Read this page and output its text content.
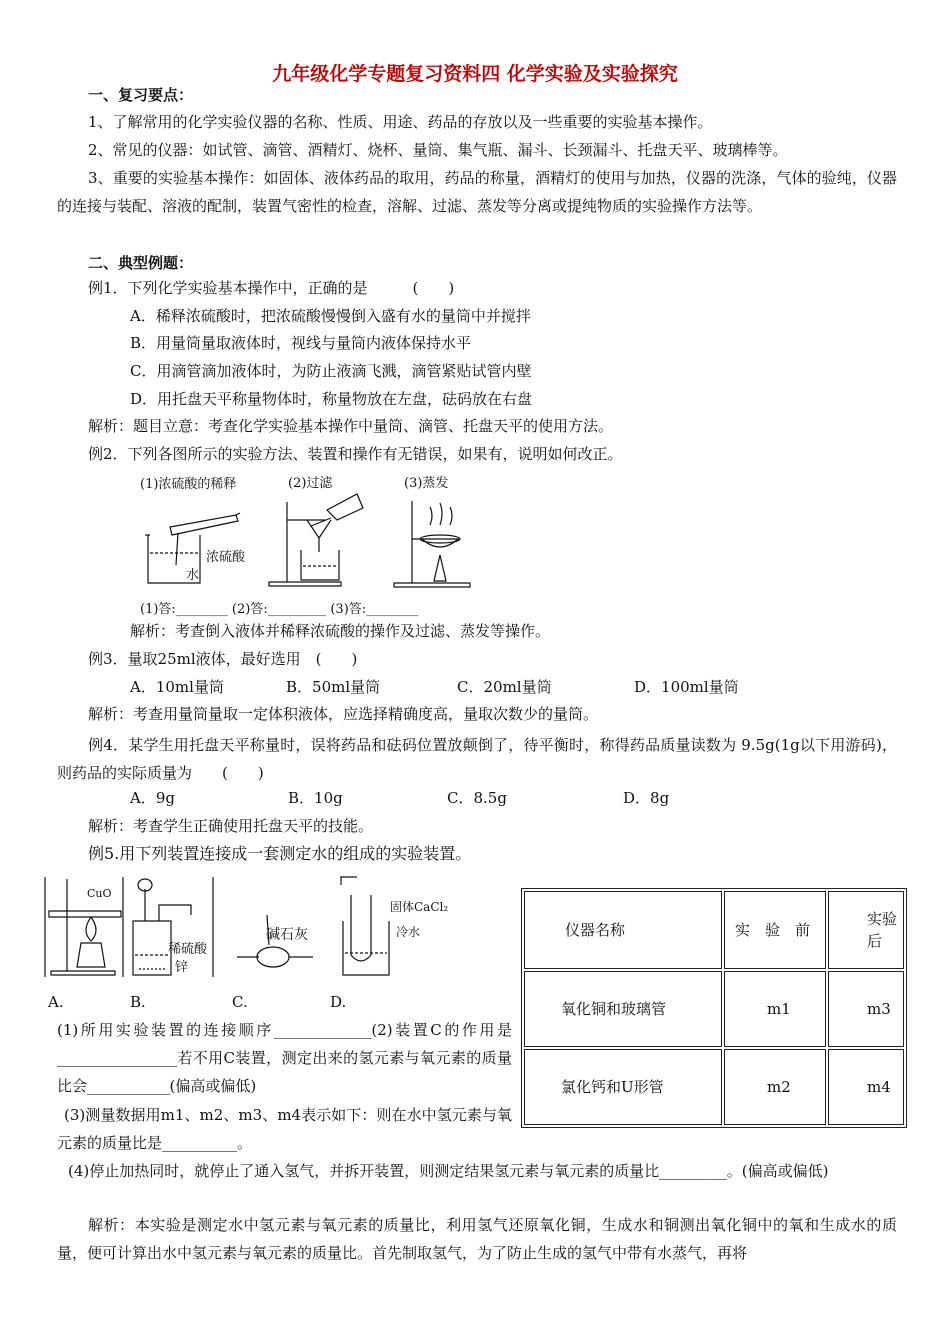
九年级化学专题复习资料四 化学实验及实验探究
一、复习要点：
1、了解常用的化学实验仪器的名称、性质、用途、药品的存放以及一些重要的实验基本操作。
2、常见的仪器：如试管、滴管、酒精灯、烧杯、量筒、集气瓶、漏斗、长颈漏斗、托盘天平、玻璃棒等。
3、重要的实验基本操作：如固体、液体药品的取用，药品的称量，酒精灯的使用与加热，仪器的洗涤，气体的验纯，仪器的连接与装配、溶液的配制，装置气密性的检查，溶解、过滤、蒸发等分离或提纯物质的实验操作方法等。
二、典型例题：
例1．下列化学实验基本操作中，正确的是　　　(　　)
A．稀释浓硫酸时，把浓硫酸慢慢倒入盛有水的量筒中并搅拌
B．用量筒量取液体时，视线与量筒内液体保持水平
C．用滴管滴加液体时，为防止液滴飞溅，滴管紧贴试管内壁
D．用托盘天平称量物体时，称量物放在左盘，砝码放在右盘
解析：题目立意：考查化学实验基本操作中量筒、滴管、托盘天平的使用方法。
例2．下列各图所示的实验方法、装置和操作有无错误，如果有，说明如何改正。
(1)浓硫酸的稀释	(2)过滤	(3)蒸发
浓硫酸
水
(1)答:________ (2)答:_________ (3)答:________
解析：考查倒入液体并稀释浓硫酸的操作及过滤、蒸发等操作。
例3．量取25ml液体，最好选用　(　　)
A．10ml量筒	B．50ml量筒	C．20ml量筒	D．100ml量筒
解析：考查用量筒量取一定体积液体，应选择精确度高，量取次数少的量筒。
例4．某学生用托盘天平称量时，误将药品和砝码位置放颠倒了，待平衡时，称得药品质量读数为 9.5g(1g以下用游码)，则药品的实际质量为　　(　　)
A．9g	B．10g	C．8.5g	D．8g
解析：考查学生正确使用托盘天平的技能。
例5.用下列装置连接成一套测定水的组成的实验装置。
CuO
稀硫酸
锌
碱石灰
固体CaCl₂
冷水
A.	B.	C.	D.
(1)所用实验装置的连接顺序_____________(2)装置C的作用是________________若不用C装置，测定出来的氢元素与氧元素的质量比会___________(偏高或偏低)
(3)测量数据用m1、m2、m3、m4表示如下：则在水中氢元素与氧元素的质量比是__________。
仪器名称	实　验　前	实验后
氧化铜和玻璃管	m1	m3
氯化钙和U形管	m2	m4
(4)停止加热同时，就停止了通入氢气，并拆开装置，则测定结果氢元素与氧元素的质量比_________。(偏高或偏低)
解析：本实验是测定水中氢元素与氧元素的质量比，利用氢气还原氧化铜，生成水和铜测出氧化铜中的氧和生成水的质量，便可计算出水中氢元素与氧元素的质量比。首先制取氢气，为了防止生成的氢气中带有水蒸气，再将
